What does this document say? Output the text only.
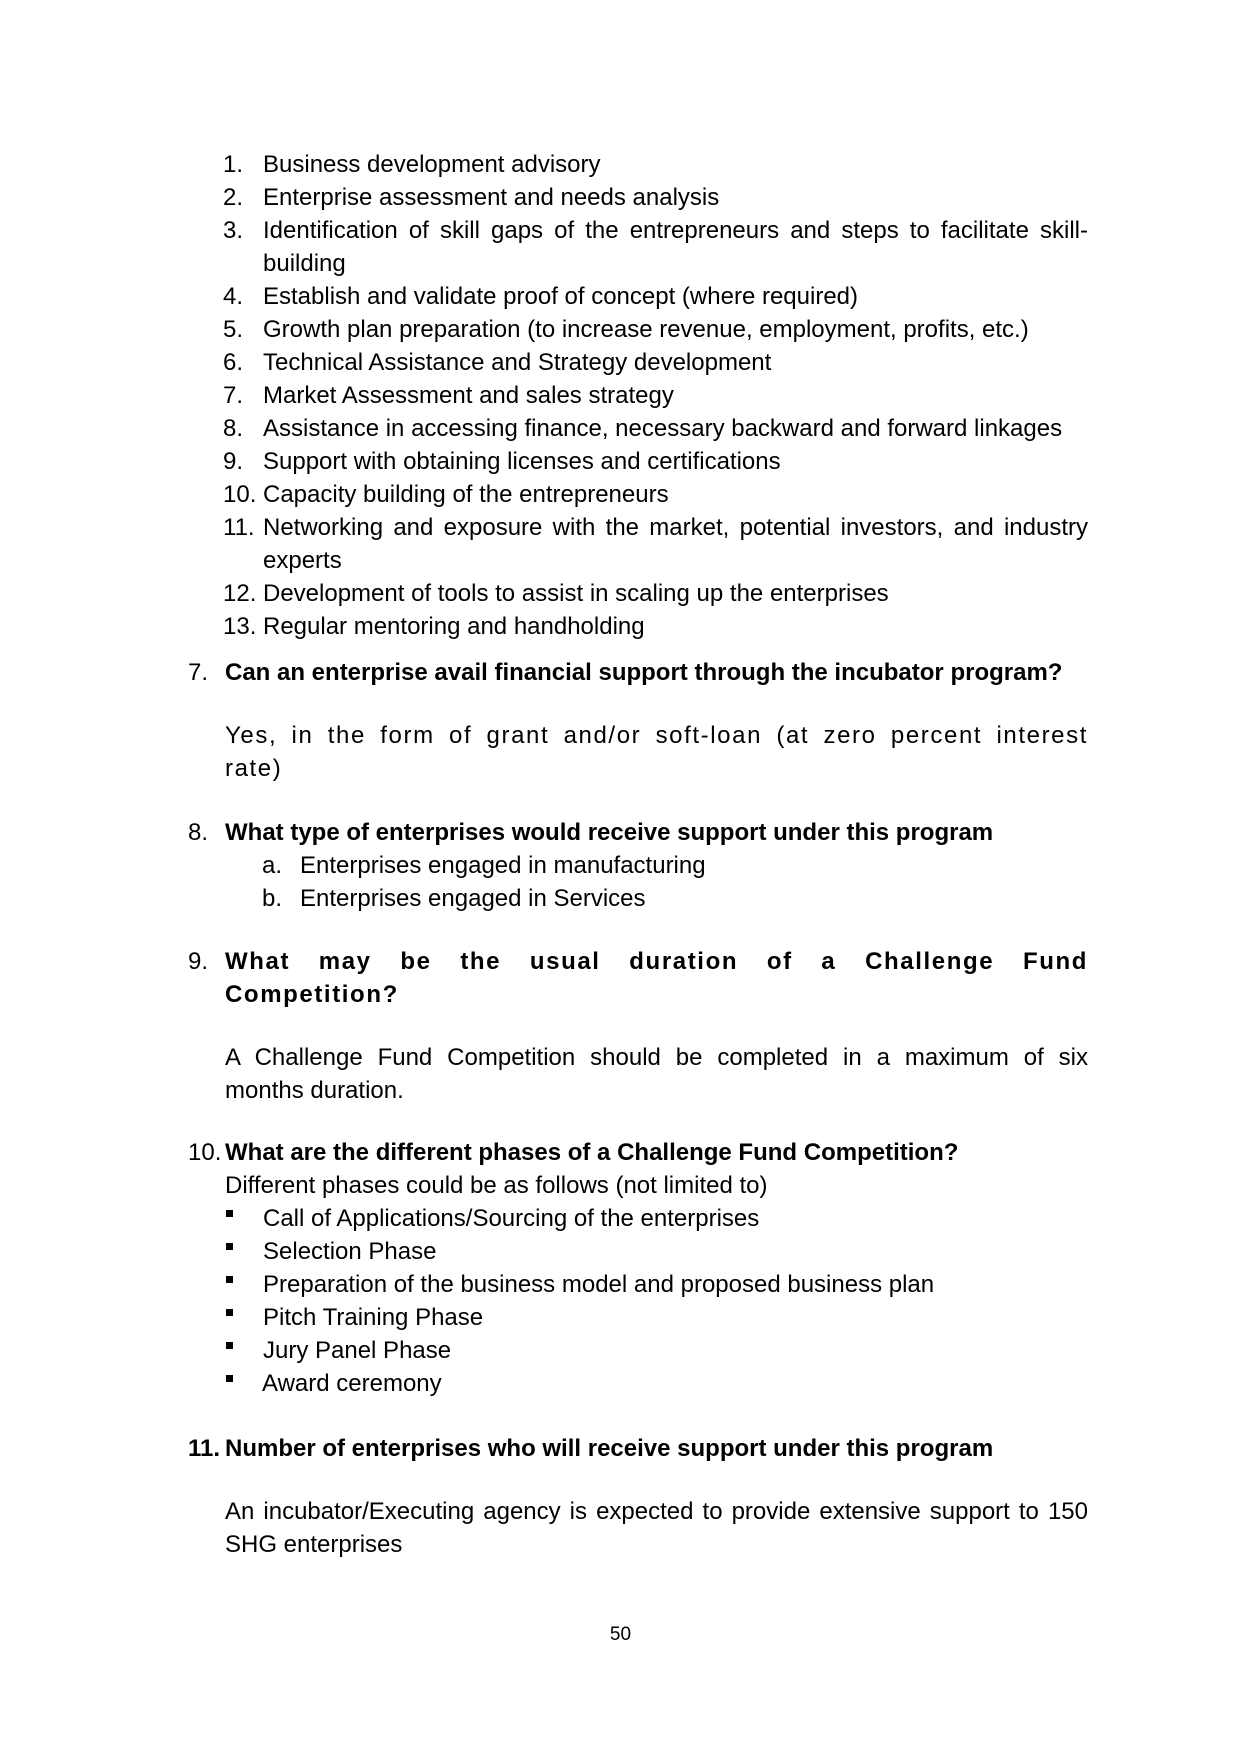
1. Business development advisory
2. Enterprise assessment and needs analysis
3. Identification of skill gaps of the entrepreneurs and steps to facilitate skill-
building
4. Establish and validate proof of concept (where required)
5. Growth plan preparation (to increase revenue, employment, profits, etc.)
6. Technical Assistance and Strategy development
7. Market Assessment and sales strategy
8. Assistance in accessing finance, necessary backward and forward linkages
9. Support with obtaining licenses and certifications
10. Capacity building of the entrepreneurs
11. Networking and exposure with the market, potential investors, and industry
experts
12. Development of tools to assist in scaling up the enterprises
13. Regular mentoring and handholding
7. Can an enterprise avail financial support through the incubator program?
Yes, in the form of grant and/or soft-loan (at zero percent interest
rate)
8. What type of enterprises would receive support under this program
a. Enterprises engaged in manufacturing
b. Enterprises engaged in Services
9. What may be the usual duration of a Challenge Fund
Competition?
A Challenge Fund Competition should be completed in a maximum of six
months duration.
10. What are the different phases of a Challenge Fund Competition?
Different phases could be as follows (not limited to)
Call of Applications/Sourcing of the enterprises
Selection Phase
Preparation of the business model and proposed business plan
Pitch Training Phase
Jury Panel Phase
Award ceremony
11. Number of enterprises who will receive support under this program
An incubator/Executing agency is expected to provide extensive support to 150
SHG enterprises
50
